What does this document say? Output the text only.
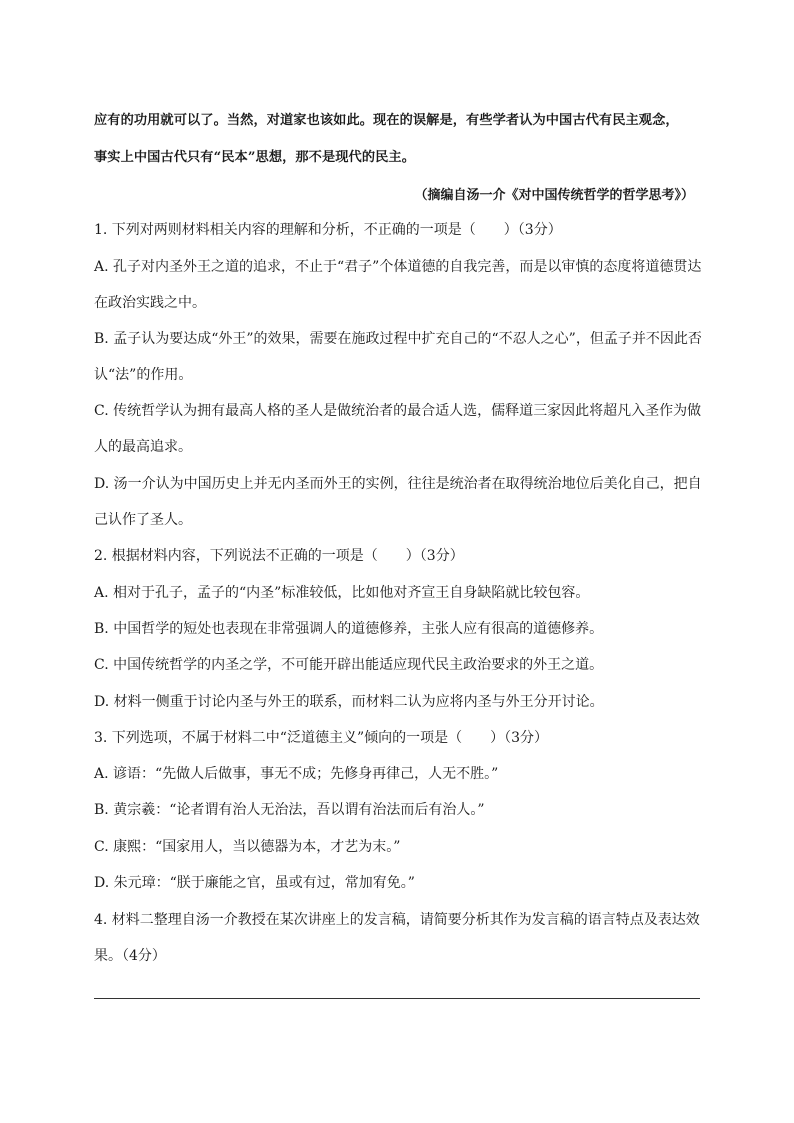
应有的功用就可以了。当然，对道家也该如此。现在的误解是，有些学者认为中国古代有民主观念，
事实上中国古代只有“民本”思想，那不是现代的民主。
（摘编自汤一介《对中国传统哲学的哲学思考》）
1. 下列对两则材料相关内容的理解和分析，不正确的一项是（　　）（3分）
A. 孔子对内圣外王之道的追求，不止于“君子”个体道德的自我完善，而是以审慎的态度将道德贯达
在政治实践之中。
B. 孟子认为要达成“外王”的效果，需要在施政过程中扩充自己的“不忍人之心”，但孟子并不因此否
认“法”的作用。
C. 传统哲学认为拥有最高人格的圣人是做统治者的最合适人选，儒释道三家因此将超凡入圣作为做
人的最高追求。
D. 汤一介认为中国历史上并无内圣而外王的实例，往往是统治者在取得统治地位后美化自己，把自
己认作了圣人。
2. 根据材料内容，下列说法不正确的一项是（　　）（3分）
A. 相对于孔子，孟子的“内圣”标准较低，比如他对齐宣王自身缺陷就比较包容。
B. 中国哲学的短处也表现在非常强调人的道德修养，主张人应有很高的道德修养。
C. 中国传统哲学的内圣之学，不可能开辟出能适应现代民主政治要求的外王之道。
D. 材料一侧重于讨论内圣与外王的联系，而材料二认为应将内圣与外王分开讨论。
3. 下列选项，不属于材料二中“泛道德主义”倾向的一项是（　　）（3分）
A. 谚语：“先做人后做事，事无不成；先修身再律己，人无不胜。”
B. 黄宗羲：“论者谓有治人无治法，吾以谓有治法而后有治人。”
C. 康熙：“国家用人，当以德器为本，才艺为末。”
D. 朱元璋：“朕于廉能之官，虽或有过，常加宥免。”
4. 材料二整理自汤一介教授在某次讲座上的发言稿，请简要分析其作为发言稿的语言特点及表达效
果。（4分）
